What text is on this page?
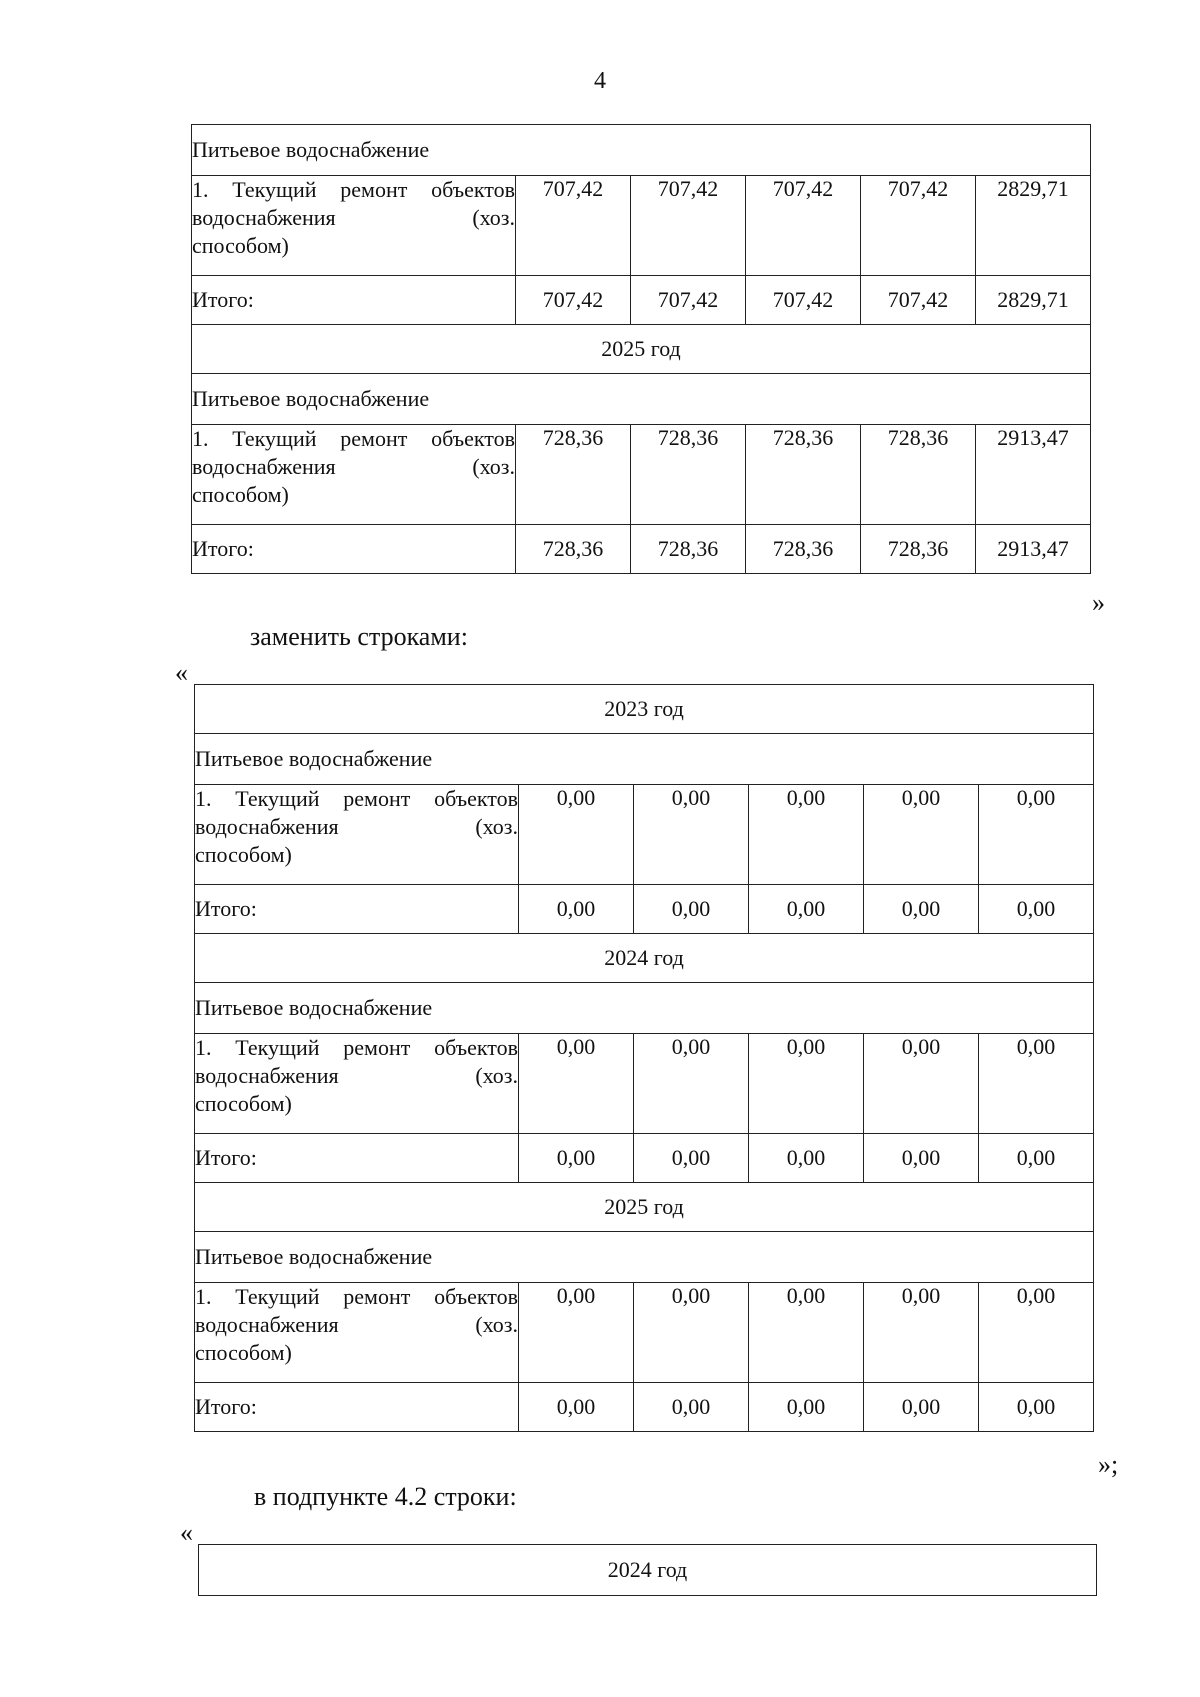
4
Питьевое водоснабжение					

1. Текущий ремонт объектов
водоснабжения (хоз.
способом)	707,42	707,42	707,42	707,42	2829,71
Итого:	707,42	707,42	707,42	707,42	2829,71
2025 год					
Питьевое водоснабжение					

1. Текущий ремонт объектов
водоснабжения (хоз.
способом)	728,36	728,36	728,36	728,36	2913,47
Итого:	728,36	728,36	728,36	728,36	2913,47
»
заменить строками:
«
2023 год					
Питьевое водоснабжение					

1. Текущий ремонт объектов
водоснабжения (хоз.
способом)	0,00	0,00	0,00	0,00	0,00
Итого:	0,00	0,00	0,00	0,00	0,00
2024 год					
Питьевое водоснабжение					

1. Текущий ремонт объектов
водоснабжения (хоз.
способом)	0,00	0,00	0,00	0,00	0,00
Итого:	0,00	0,00	0,00	0,00	0,00
2025 год					
Питьевое водоснабжение					

1. Текущий ремонт объектов
водоснабжения (хоз.
способом)	0,00	0,00	0,00	0,00	0,00
Итого:	0,00	0,00	0,00	0,00	0,00
»;
в подпункте 4.2 строки:
«
2024 год
